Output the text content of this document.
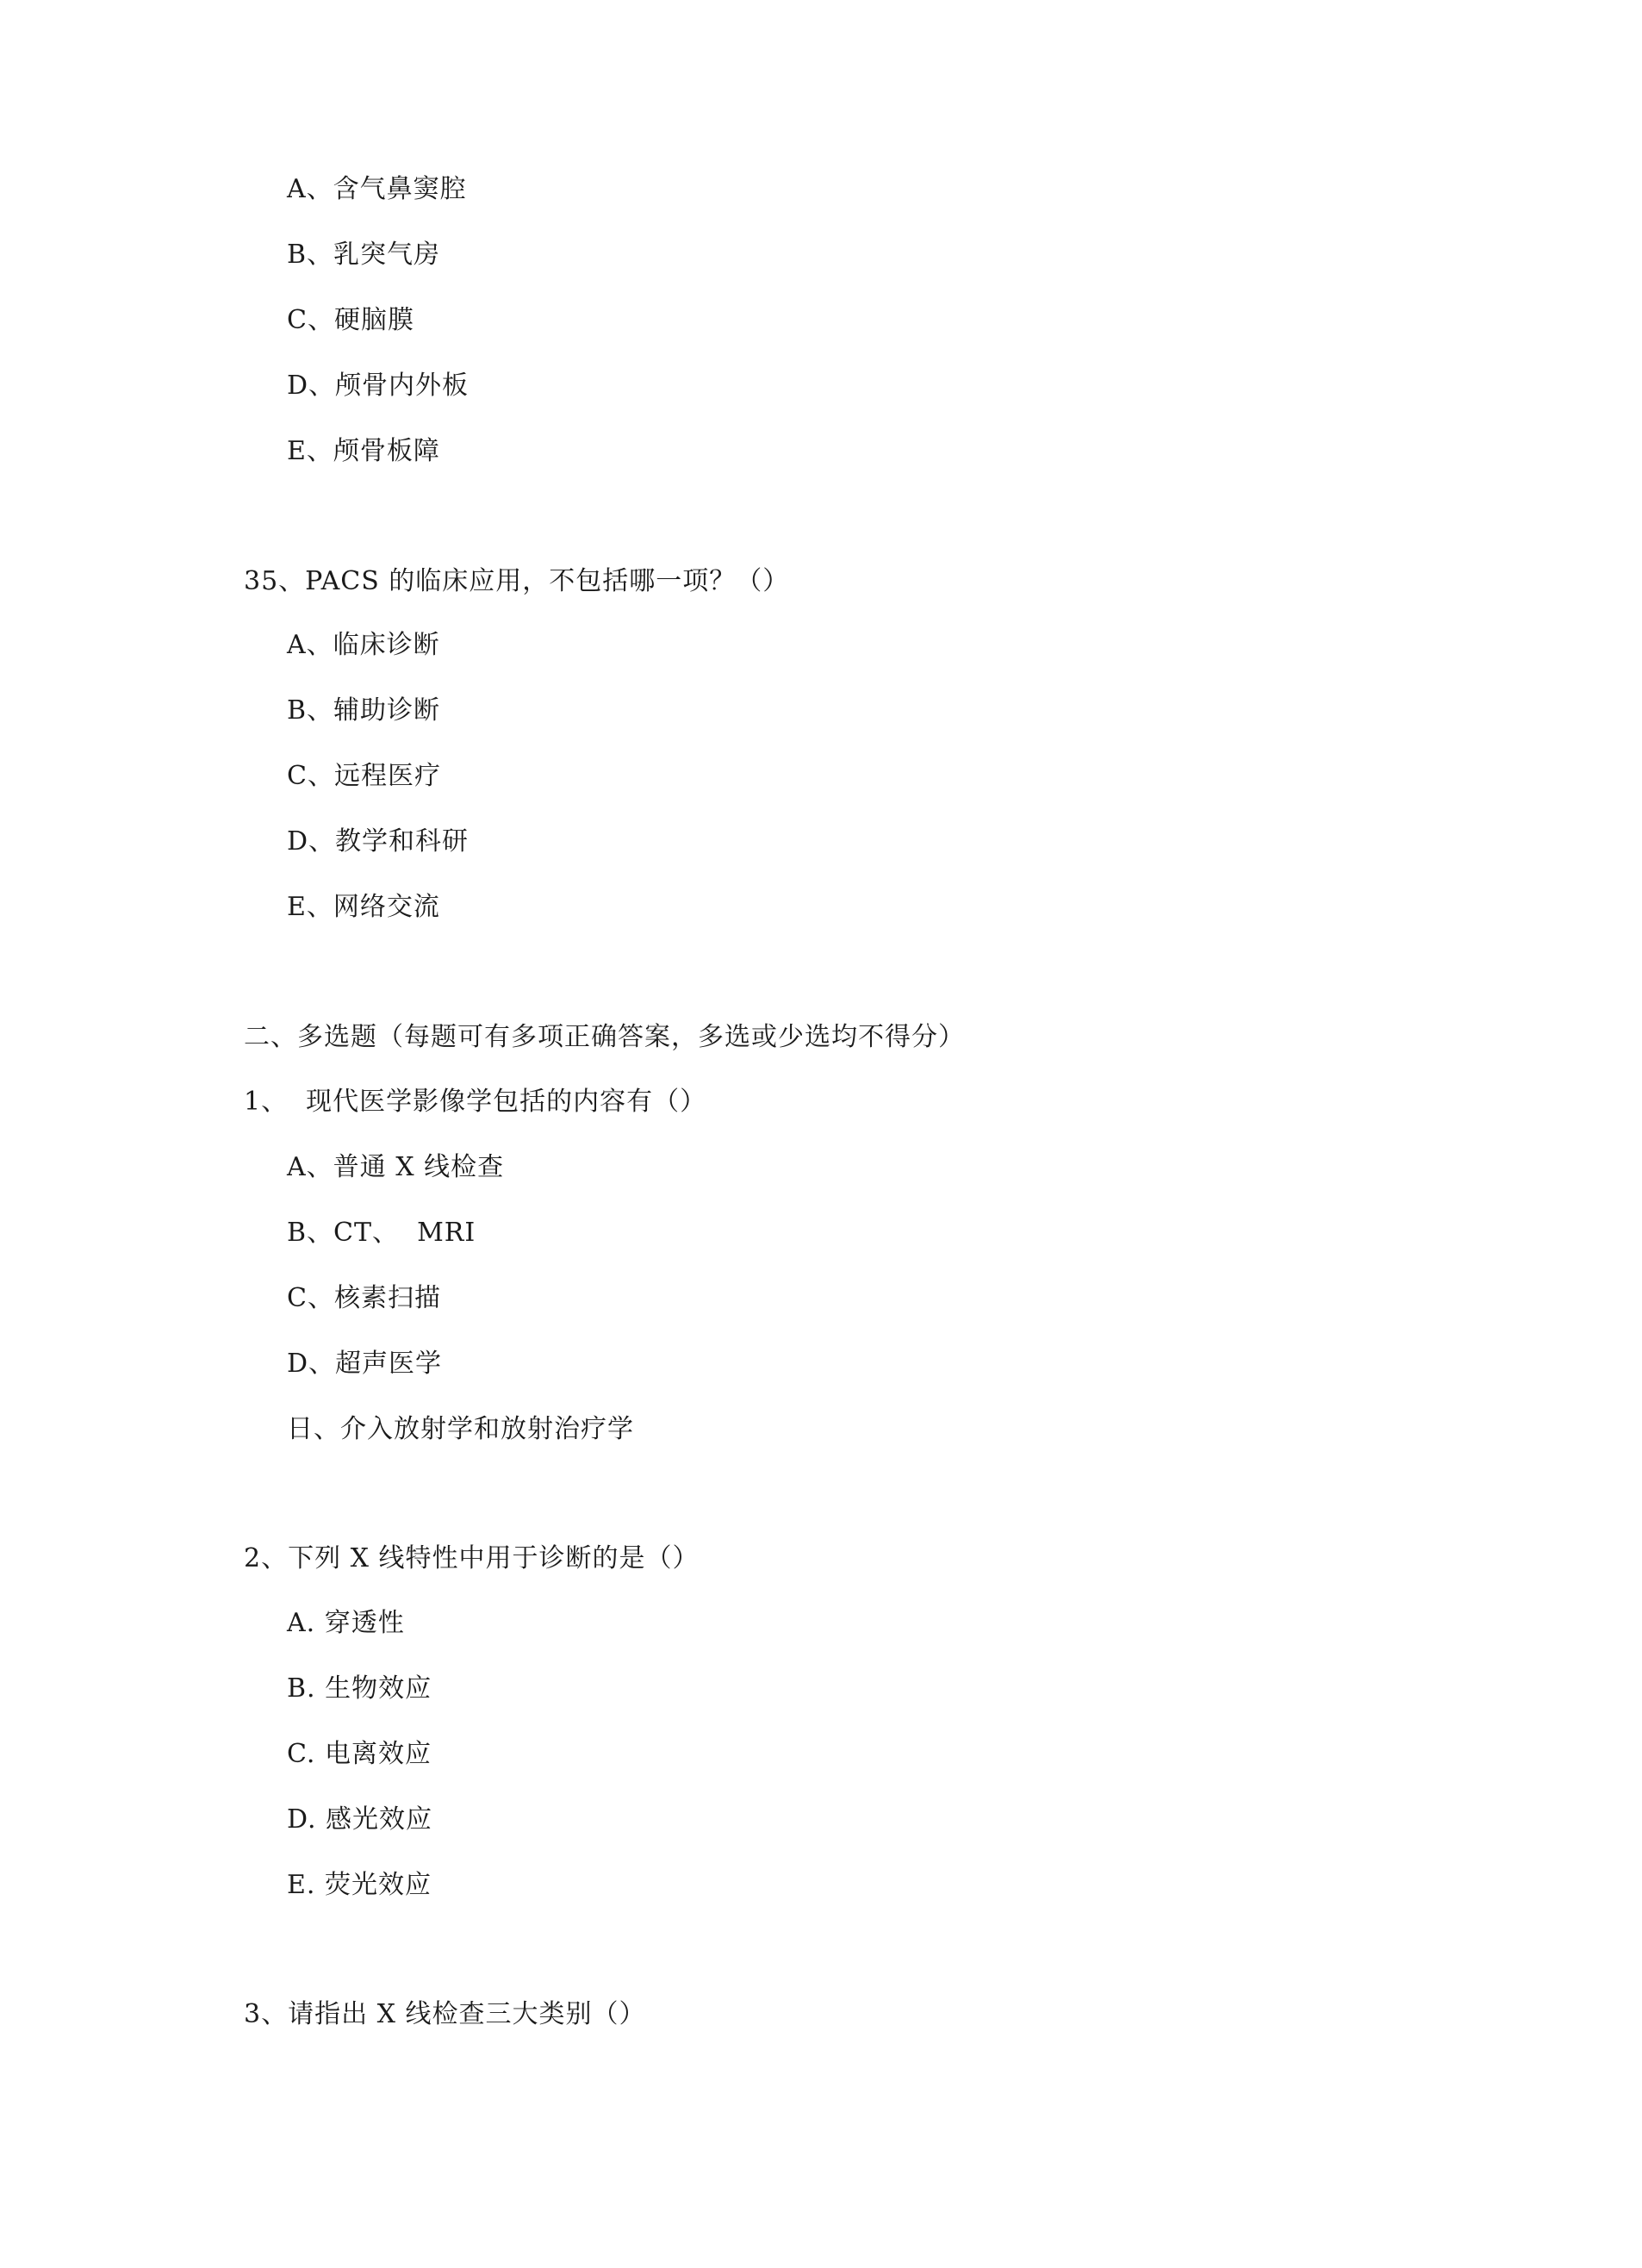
A、含气鼻窦腔
B、乳突气房
C、硬脑膜
D、颅骨内外板
E、颅骨板障
35、PACS 的临床应用，不包括哪一项？（）
A、临床诊断
B、辅助诊断
C、远程医疗
D、教学和科研
E、网络交流
二、多选题（每题可有多项正确答案，多选或少选均不得分）
1、  现代医学影像学包括的内容有（）
A、普通 X 线检查
B、CT、  MRI
C、核素扫描
D、超声医学
日、介入放射学和放射治疗学
2、下列 X 线特性中用于诊断的是（）
A. 穿透性
B. 生物效应
C. 电离效应
D. 感光效应
E. 荧光效应
3、请指出 X 线检查三大类别（）
